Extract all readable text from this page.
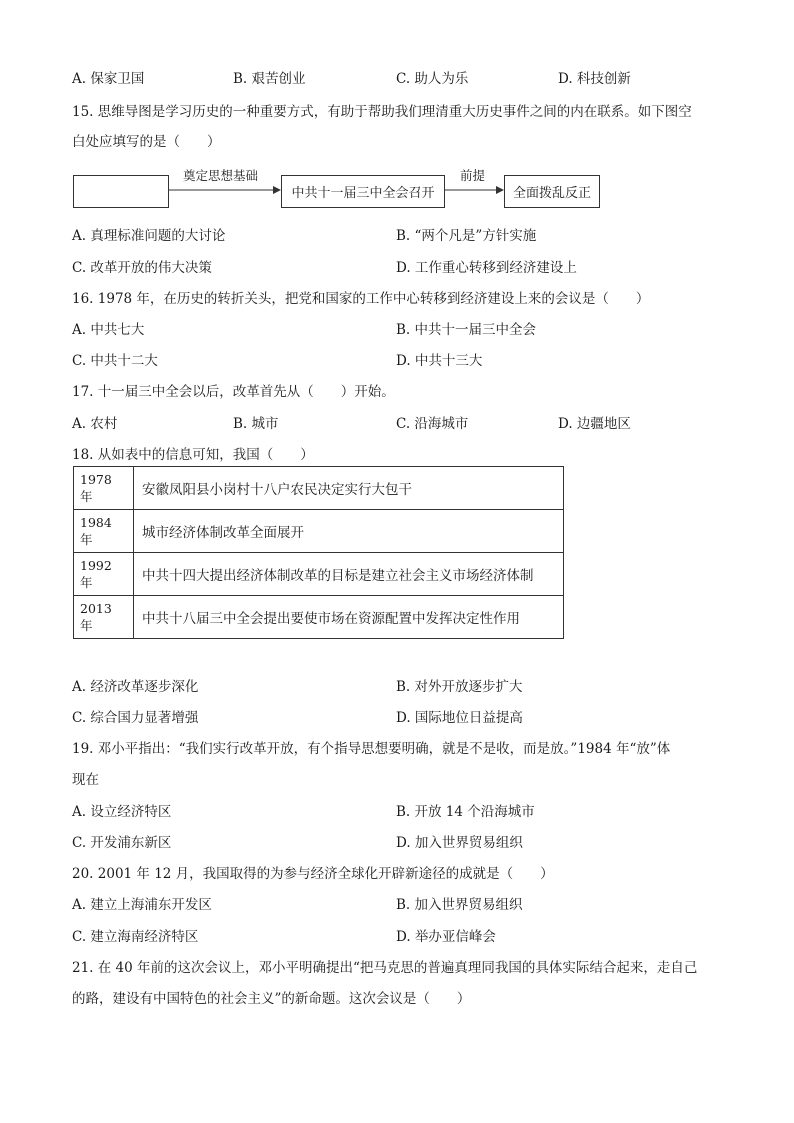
A. 保家卫国	B. 艰苦创业	C. 助人为乐	D. 科技创新
15. 思维导图是学习历史的一种重要方式，有助于帮助我们理清重大历史事件之间的内在联系。如下图空
白处应填写的是（　　）
奠定思想基础
中共十一届三中全会召开
前提
全面拨乱反正
A. 真理标准问题的大讨论	B. “两个凡是”方针实施
C. 改革开放的伟大决策	D. 工作重心转移到经济建设上
16. 1978 年，在历史的转折关头，把党和国家的工作中心转移到经济建设上来的会议是（　　）
A. 中共七大	B. 中共十一届三中全会
C. 中共十二大	D. 中共十三大
17. 十一届三中全会以后，改革首先从（　　）开始。
A. 农村	B. 城市	C. 沿海城市	D. 边疆地区
18. 从如表中的信息可知，我国（　　）
1978 年	安徽凤阳县小岗村十八户农民决定实行大包干
1984 年	城市经济体制改革全面展开
1992 年	中共十四大提出经济体制改革的目标是建立社会主义市场经济体制
2013 年	中共十八届三中全会提出要使市场在资源配置中发挥决定性作用
A. 经济改革逐步深化	B. 对外开放逐步扩大
C. 综合国力显著增强	D. 国际地位日益提高
19. 邓小平指出：“我们实行改革开放，有个指导思想要明确，就是不是收，而是放。”1984 年“放”体
现在
A. 设立经济特区	B. 开放 14 个沿海城市
C. 开发浦东新区	D. 加入世界贸易组织
20. 2001 年 12 月，我国取得的为参与经济全球化开辟新途径的成就是（　　）
A. 建立上海浦东开发区	B. 加入世界贸易组织
C. 建立海南经济特区	D. 举办亚信峰会
21. 在 40 年前的这次会议上，邓小平明确提出“把马克思的普遍真理同我国的具体实际结合起来，走自己
的路，建设有中国特色的社会主义”的新命题。这次会议是（　　）
